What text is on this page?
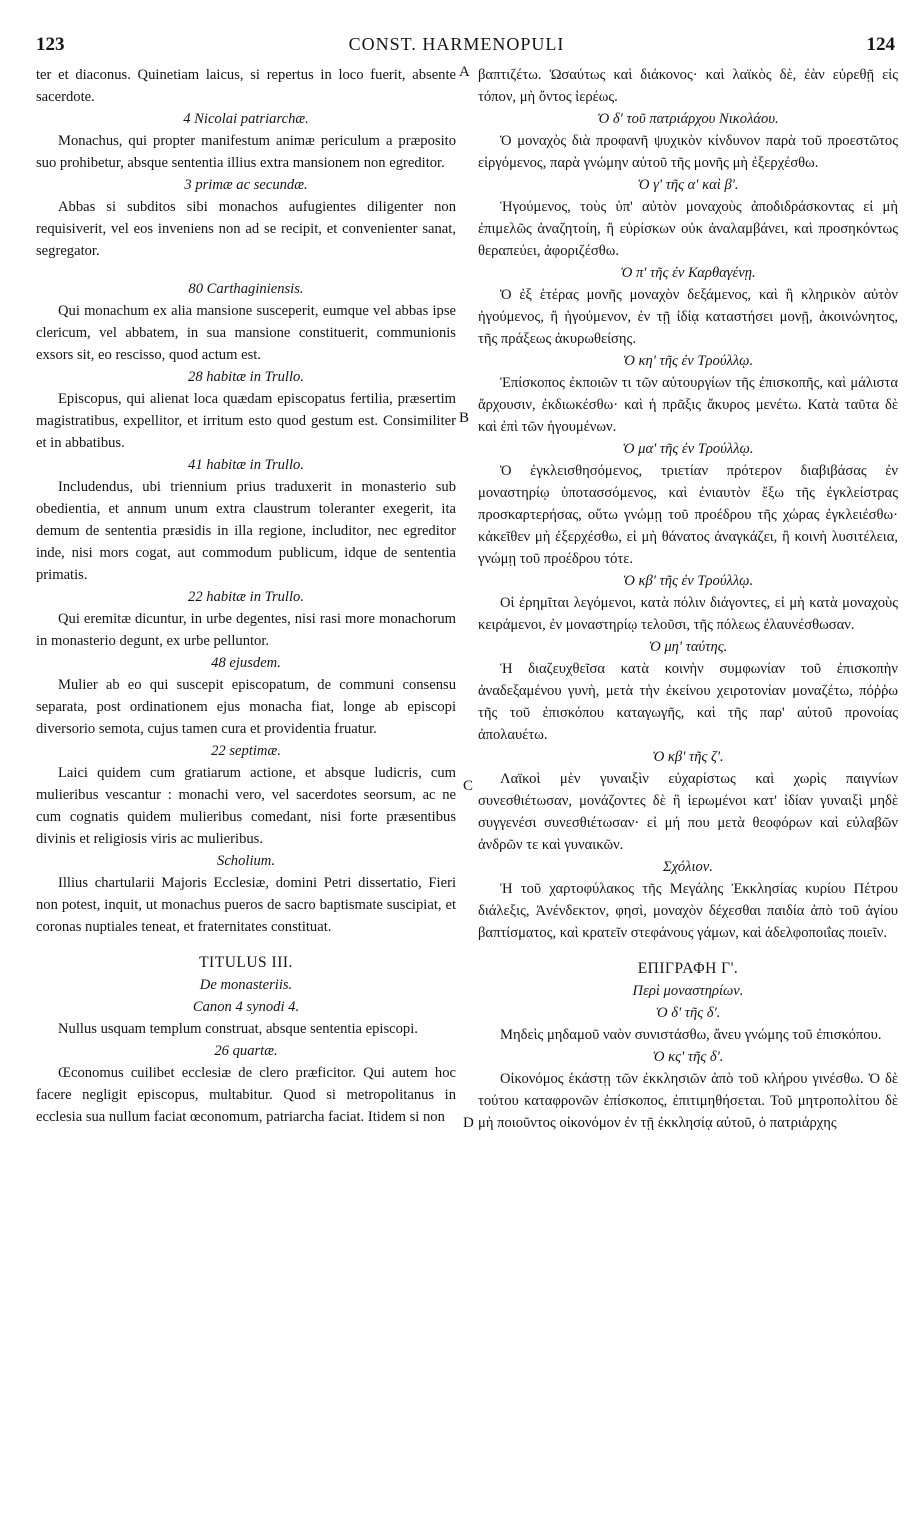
123	CONST. HARMENOPULI	124

ter et diaconus. Quinetiam laicus, si repertus in loco fuerit, absente sacerdote.

4 Nicolai patriarchæ.

Monachus, qui propter manifestum animæ periculum a præposito suo prohibetur, absque sententia illius extra mansionem non egreditor.

3 primæ ac secundæ.

Abbas si subditos sibi monachos aufugientes diligenter non requisiverit, vel eos inveniens non ad se recipit, et convenienter sanat, segregator.

80 Carthaginiensis.

Qui monachum ex alia mansione susceperit, eumque vel abbas ipse clericum, vel abbatem, in sua mansione constituerit, communionis exsors sit, eo rescisso, quod actum est.

28 habitæ in Trullo.

Episcopus, qui alienat loca quædam episcopatus fertilia, præsertim magistratibus, expellitor, et irritum esto quod gestum est. Consimiliter et in abbatibus.

41 habitæ in Trullo.

Includendus, ubi triennium prius traduxerit in monasterio sub obedientia, et annum unum extra claustrum toleranter exegerit, ita demum de sententia præsidis in illa regione, includitor, nec egreditor inde, nisi mors cogat, aut commodum publicum, idque de sententia primatis.

22 habitæ in Trullo.

Qui eremitæ dicuntur, in urbe degentes, nisi rasi more monachorum in monasterio degunt, ex urbe pelluntor.

48 ejusdem.

Mulier ab eo qui suscepit episcopatum, de communi consensu separata, post ordinationem ejus monacha fiat, longe ab episcopi diversorio semota, cujus tamen cura et providentia fruatur.

22 septimæ.

Laici quidem cum gratiarum actione, et absque ludicris, cum mulieribus vescantur : monachi vero, vel sacerdotes seorsum, ac ne cum cognatis quidem mulieribus comedant, nisi forte præsentibus divinis et religiosis viris ac mulieribus.

Scholium.

Illius chartularii Majoris Ecclesiæ, domini Petri dissertatio, Fieri non potest, inquit, ut monachus pueros de sacro baptismate suscipiat, et coronas nuptiales teneat, et fraternitates constituat.

TITULUS III.

De monasteriis.

Canon 4 synodi 4.

Nullus usquam templum construat, absque sententia episcopi.

26 quartæ.

Œconomus cuilibet ecclesiæ de clero præficitor. Qui autem hoc facere negligit episcopus, multabitur. Quod si metropolitanus in ecclesia sua nullum faciat œconomum, patriarcha faciat. Itidem si non

βαπτιζέτω. Ὡσαύτως καὶ διάκονος· καὶ λαϊκὸς δὲ, ἐὰν εὑρεθῇ εἰς τόπον, μὴ ὄντος ἱερέως.

Ὁ δ' τοῦ πατριάρχου Νικολάου.

Ὁ μοναχὸς διὰ προφανῆ ψυχικὸν κίνδυνον παρὰ τοῦ προεστῶτος εἰργόμενος, παρὰ γνώμην αὐτοῦ τῆς μονῆς μὴ ἐξερχέσθω.

Ὁ γ' τῆς α' καὶ β'.

Ἡγούμενος, τοὺς ὑπ' αὐτὸν μοναχοὺς ἀποδιδράσκοντας εἰ μὴ ἐπιμελῶς ἀναζητοίη, ἢ εὑρίσκων οὐκ ἀναλαμβάνει, καὶ προσηκόντως θεραπεύει, ἀφοριζέσθω.

Ὁ π' τῆς ἐν Καρθαγένῃ.

Ὁ ἐξ ἑτέρας μονῆς μοναχὸν δεξάμενος, καὶ ἢ κληρικὸν αὐτὸν ἡγούμενος, ἢ ἡγούμενον, ἐν τῇ ἰδίᾳ καταστήσει μονῇ, ἀκοινώνητος, τῆς πράξεως ἀκυρωθείσης.

Ὁ κη' τῆς ἐν Τρούλλῳ.

Ἐπίσκοπος ἐκποιῶν τι τῶν αὐτουργίων τῆς ἐπισκοπῆς, καὶ μάλιστα ἄρχουσιν, ἐκδιωκέσθω· καὶ ἡ πρᾶξις ἄκυρος μενέτω. Κατὰ ταῦτα δὲ καὶ ἐπὶ τῶν ἡγουμένων.

Ὁ μα' τῆς ἐν Τρούλλῳ.

Ὁ ἐγκλεισθησόμενος, τριετίαν πρότερον διαβιβάσας ἐν μοναστηρίῳ ὑποτασσόμενος, καὶ ἐνιαυτὸν ἔξω τῆς ἐγκλείστρας προσκαρτερήσας, οὕτω γνώμῃ τοῦ προέδρου τῆς χώρας ἐγκλειέσθω· κἀκεῖθεν μὴ ἐξερχέσθω, εἰ μὴ θάνατος ἀναγκάζει, ἢ κοινὴ λυσιτέλεια, γνώμῃ τοῦ προέδρου τότε.

Ὁ κβ' τῆς ἐν Τρούλλῳ.

Οἱ ἐρημῖται λεγόμενοι, κατὰ πόλιν διάγοντες, εἰ μὴ κατὰ μοναχοὺς κειράμενοι, ἐν μοναστηρίῳ τελοῦσι, τῆς πόλεως ἐλαυνέσθωσαν.

Ὁ μη' ταύτης.

Ἡ διαζευχθεῖσα κατὰ κοινὴν συμφωνίαν τοῦ ἐπισκοπὴν ἀναδεξαμένου γυνὴ, μετὰ τὴν ἐκείνου χειροτονίαν μοναζέτω, πόῤῥω τῆς τοῦ ἐπισκόπου καταγωγῆς, καὶ τῆς παρ' αὐτοῦ προνοίας ἀπολαυέτω.

Ὁ κβ' τῆς ζ'.

Λαϊκοὶ μὲν γυναιξὶν εὐχαρίστως καὶ χωρὶς παιγνίων συνεσθιέτωσαν, μονάζοντες δὲ ἢ ἱερωμένοι κατ' ἰδίαν γυναιξὶ μηδὲ συγγενέσι συνεσθιέτωσαν· εἰ μή που μετὰ θεοφόρων καὶ εὐλαβῶν ἀνδρῶν τε καὶ γυναικῶν.

Σχόλιον.

Ἡ τοῦ χαρτοφύλακος τῆς Μεγάλης Ἐκκλησίας κυρίου Πέτρου διάλεξις, Ἀνένδεκτον, φησὶ, μοναχὸν δέχεσθαι παιδία ἀπὸ τοῦ ἁγίου βαπτίσματος, καὶ κρατεῖν στεφάνους γάμων, καὶ ἀδελφοποιΐας ποιεῖν.

ΕΠΙΓΡΑΦΗ Γ'.

Περὶ μοναστηρίων.

Ὁ δ' τῆς δ'.

Μηδεὶς μηδαμοῦ ναὸν συνιστάσθω, ἄνευ γνώμης τοῦ ἐπισκόπου.

Ὁ κς' τῆς δ'.

Οἰκονόμος ἑκάστῃ τῶν ἐκκλησιῶν ἀπὸ τοῦ κλήρου γινέσθω. Ὁ δὲ τούτου καταφρονῶν ἐπίσκοπος, ἐπιτιμηθήσεται. Τοῦ μητροπολίτου δὲ μὴ ποιοῦντος οἰκονόμον ἐν τῇ ἐκκλησίᾳ αὐτοῦ, ὁ πατριάρχης

A
B
C
D
